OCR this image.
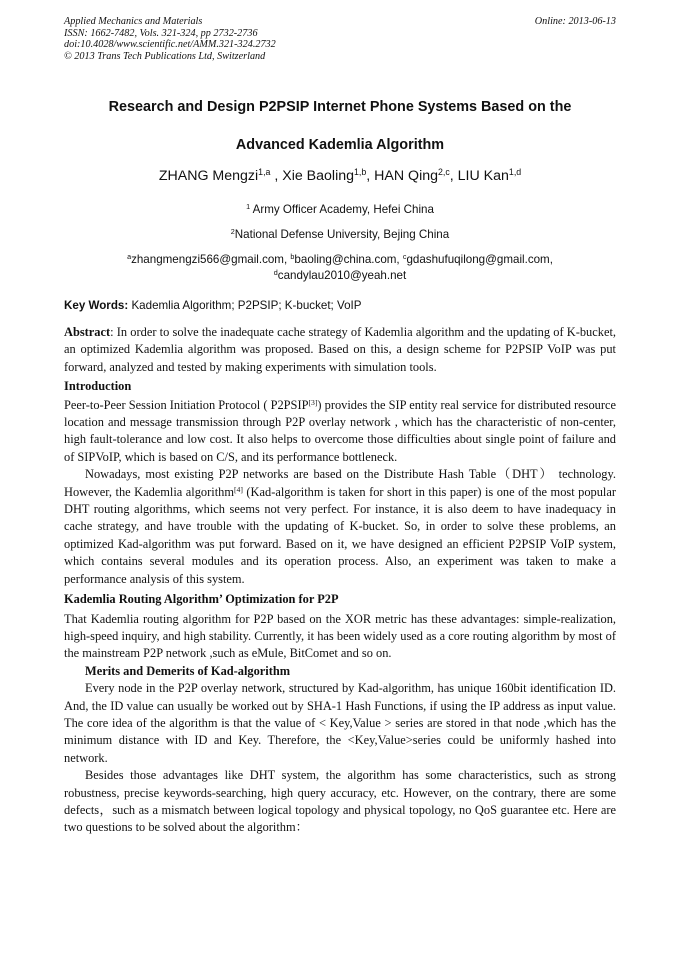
Applied Mechanics and Materials
ISSN: 1662-7482, Vols. 321-324, pp 2732-2736
doi:10.4028/www.scientific.net/AMM.321-324.2732
© 2013 Trans Tech Publications Ltd, Switzerland
Online: 2013-06-13
Research and Design P2PSIP Internet Phone Systems Based on the
Advanced Kademlia Algorithm
ZHANG Mengzi$^{1,a}$ , Xie Baoling$^{1,b}$, HAN Qing$^{2,c}$, LIU Kan$^{1,d}$
$^1$ Army Officer Academy, Hefei China
$^2$National Defense University, Bejing China
$^a$zhangmengzi566@gmail.com, $^b$baoling@china.com, $^c$gdashufuqilong@gmail.com,
$^d$candylau2010@yeah.net
Key Words: Kademlia Algorithm; P2PSIP; K-bucket; VoIP

Abstract: In order to solve the inadequate cache strategy of Kademlia algorithm and the updating of K-bucket, an optimized Kademlia algorithm was proposed. Based on this, a design scheme for P2PSIP VoIP was put forward, analyzed and tested by making experiments with simulation tools.

Introduction

Peer-to-Peer Session Initiation Protocol ( P2PSIP[3]) provides the SIP entity real service for distributed resource location and message transmission through P2P overlay network , which has the characteristic of non-center, high fault-tolerance and low cost. It also helps to overcome those difficulties about single point of failure and of SIPVoIP, which is based on C/S, and its performance bottleneck.

Nowadays, most existing P2P networks are based on the Distribute Hash Table（DHT） technology. However, the Kademlia algorithm[4] (Kad-algorithm is taken for short in this paper) is one of the most popular DHT routing algorithms, which seems not very perfect. For instance, it is also deem to have inadequacy in cache strategy, and have trouble with the updating of K-bucket. So, in order to solve these problems, an optimized Kad-algorithm was put forward. Based on it, we have designed an efficient P2PSIP VoIP system, which contains several modules and its operation process. Also, an experiment was taken to make a performance analysis of this system.

Kademlia Routing Algorithm’ Optimization for P2P

That Kademlia routing algorithm for P2P based on the XOR metric has these advantages: simple-realization, high-speed inquiry, and high stability. Currently, it has been widely used as a core routing algorithm by most of the mainstream P2P network ,such as eMule, BitComet and so on.

Merits and Demerits of Kad-algorithm

Every node in the P2P overlay network, structured by Kad-algorithm, has unique 160bit identification ID. And, the ID value can usually be worked out by SHA-1 Hash Functions, if using the IP address as input value. The core idea of the algorithm is that the value of < Key,Value > series are stored in that node ,which has the minimum distance with ID and Key. Therefore, the <Key,Value>series could be uniformly hashed into network.

Besides those advantages like DHT system, the algorithm has some characteristics, such as strong robustness, precise keywords-searching, high query accuracy, etc. However, on the contrary, there are some defects，such as a mismatch between logical topology and physical topology, no QoS guarantee etc. Here are two questions to be solved about the algorithm：
